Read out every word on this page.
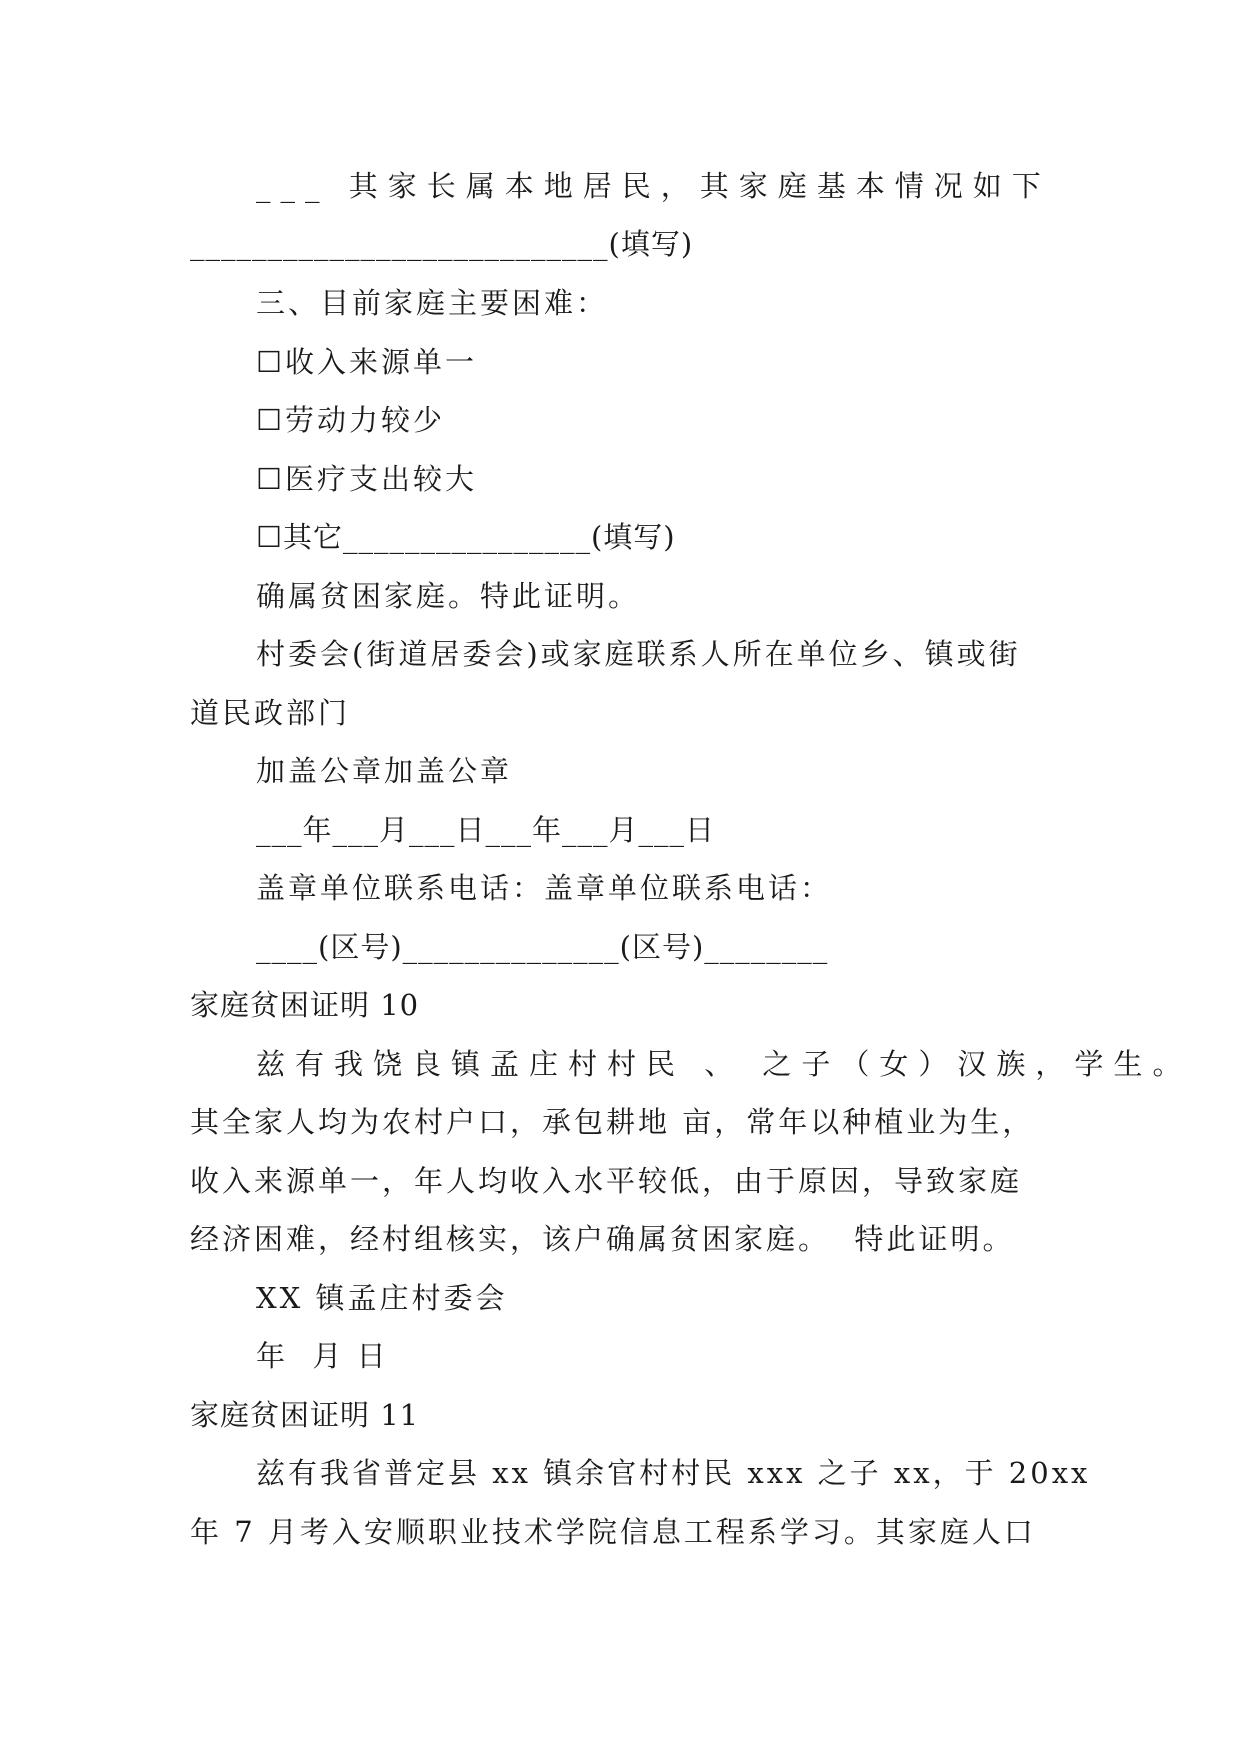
___ 其家长属本地居民，其家庭基本情况如下
___________________________(填写)
三、目前家庭主要困难：
☐收入来源单一
☐劳动力较少
☐医疗支出较大
☐其它________________(填写)
确属贫困家庭。特此证明。
村委会(街道居委会)或家庭联系人所在单位乡、镇或街
道民政部门
加盖公章加盖公章
___年___月___日___年___月___日
盖章单位联系电话：盖章单位联系电话：
____(区号)______________(区号)________
家庭贫困证明 10
兹有我饶良镇孟庄村村民 、 之子（女）汉族，学生。
其全家人均为农村户口，承包耕地 亩，常年以种植业为生，
收入来源单一，年人均收入水平较低，由于原因，导致家庭
经济困难，经村组核实，该户确属贫困家庭。  特此证明。
XX 镇孟庄村委会
年  月 日
家庭贫困证明 11
兹有我省普定县 xx 镇余官村村民 xxx 之子 xx，于 20xx
年 7 月考入安顺职业技术学院信息工程系学习。其家庭人口
